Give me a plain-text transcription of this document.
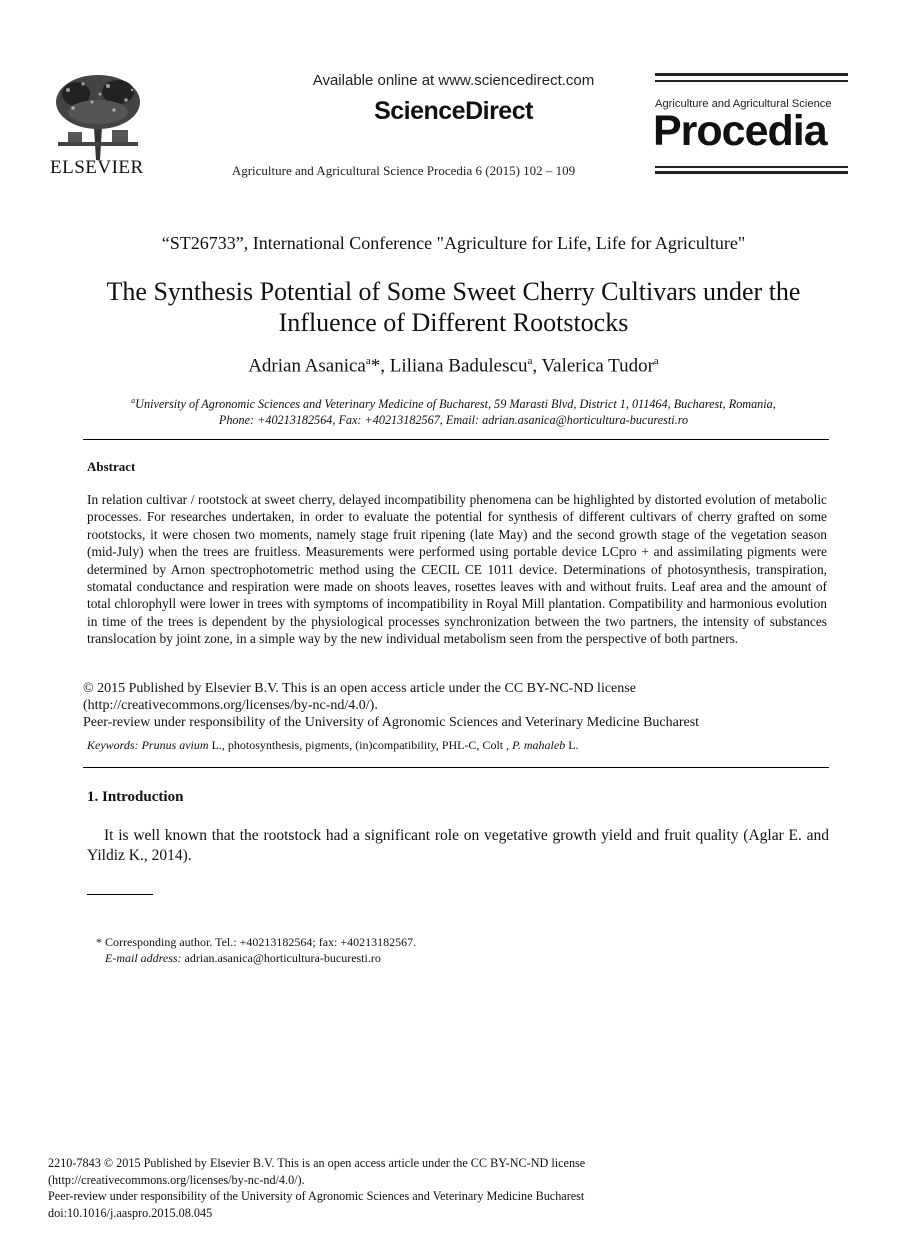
ELSEVIER
Available online at www.sciencedirect.com
ScienceDirect
Agriculture and Agricultural Science Procedia 6 (2015) 102 – 109
Agriculture and Agricultural Science
Procedia
“ST26733”, International Conference "Agriculture for Life, Life for Agriculture"
The Synthesis Potential of Some Sweet Cherry Cultivars under the
Influence of Different Rootstocks
Adrian Asanica$^a$*, Liliana Badulescu$^a$, Valerica Tudor$^a$
$^a$University of Agronomic Sciences and Veterinary Medicine of Bucharest, 59 Marasti Blvd, District 1, 011464, Bucharest, Romania,
Phone: +40213182564, Fax: +40213182567, Email: adrian.asanica@horticultura-bucuresti.ro
Abstract
In relation cultivar / rootstock at sweet cherry, delayed incompatibility phenomena can be highlighted by distorted evolution of metabolic processes. For researches undertaken, in order to evaluate the potential for synthesis of different cultivars of cherry grafted on some rootstocks, it were chosen two moments, namely stage fruit ripening (late May) and the second growth stage of the vegetation season (mid-July) when the trees are fruitless. Measurements were performed using portable device LCpro + and assimilating pigments were determined by Arnon spectrophotometric method using the CECIL CE 1011 device. Determinations of photosynthesis, transpiration, stomatal conductance and respiration were made on shoots leaves, rosettes leaves with and without fruits. Leaf area and the amount of total chlorophyll were lower in trees with symptoms of incompatibility in Royal Mill plantation. Compatibility and harmonious evolution in time of the trees is dependent by the physiological processes synchronization between the two partners, the intensity of substances translocation by joint zone, in a simple way by the new individual metabolism seen from the perspective of both partners.
© 2015 Published by Elsevier B.V. This is an open access article under the CC BY-NC-ND license
(http://creativecommons.org/licenses/by-nc-nd/4.0/).
Peer-review under responsibility of the University of Agronomic Sciences and Veterinary Medicine Bucharest
Keywords: Prunus avium L., photosynthesis, pigments, (in)compatibility, PHL-C, Colt , P. mahaleb L.
1. Introduction
It is well known that the rootstock had a significant role on vegetative growth yield and fruit quality (Aglar E. and Yildiz K., 2014).
* Corresponding author. Tel.: +40213182564; fax: +40213182567.
E-mail address: adrian.asanica@horticultura-bucuresti.ro
2210-7843 © 2015 Published by Elsevier B.V. This is an open access article under the CC BY-NC-ND license
(http://creativecommons.org/licenses/by-nc-nd/4.0/).
Peer-review under responsibility of the University of Agronomic Sciences and Veterinary Medicine Bucharest
doi:10.1016/j.aaspro.2015.08.045
